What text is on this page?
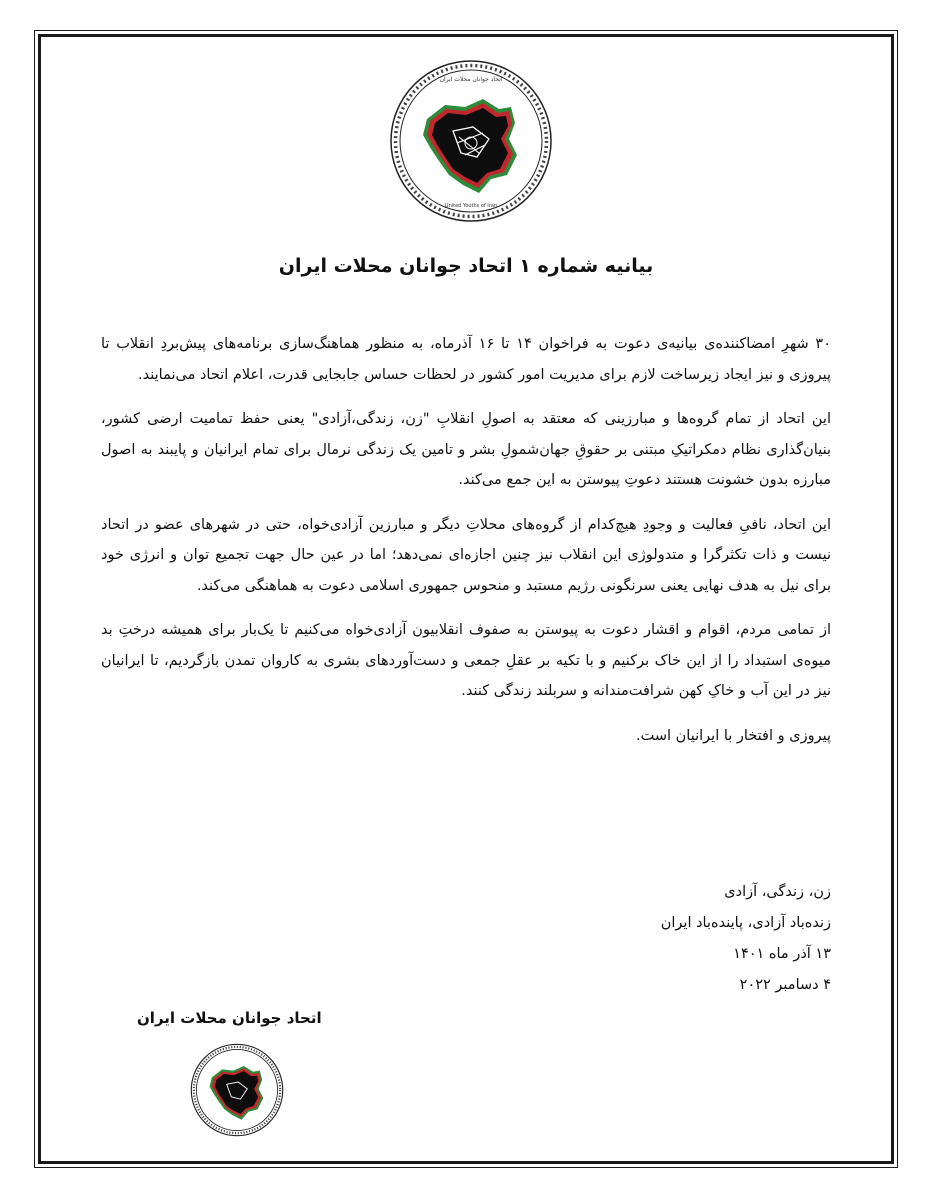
اتحاد جوانان محلات ایران
United Youths of Iran
بیانیه شماره ۱ اتحاد جوانان محلات ایران

۳۰ شهرِ امضاکننده‌ی بیانیه‌ی دعوت به فراخوان ۱۴ تا ۱۶ آذرماه، به منظور هماهنگ‌سازی برنامه‌های پیش‌بردِ انقلاب تا پیروزی و نیز ایجاد زیرساخت لازم برای مدیریت امور کشور در لحظات حساس جابجایی قدرت، اعلام اتحاد می‌نمایند.

این اتحاد از تمام گروه‌ها و مبارزینی که معتقد به اصولِ انقلابِ "زن، زندگی،آزادی" یعنی حفظ تمامیت ارضی کشور، بنیان‌گذاری نظام دمکراتیکِ مبتنی بر حقوقِ جهان‌شمولِ بشر و تامین یک زندگی نرمال برای تمام ایرانیان و پایبند به اصول مبارزه بدون خشونت هستند دعوتِ پیوستن به این جمع می‌کند.

این اتحاد، نافیِ فعالیت و وجودِ هیچ‌کدام از گروه‌های محلاتِ دیگر و مبارزین آزادی‌خواه، حتی در شهرهای عضو در اتحاد نیست و ذات تکثرگرا و متدولوژی این انقلاب نیز چنین اجازه‌ای نمی‌دهد؛ اما در عین حال جهت تجمیع توان و انرژی خود برای نیل به هدف نهایی یعنی سرنگونی رژیم مستبد و منحوس جمهوری اسلامی دعوت به هماهنگی می‌کند.

از تمامی مردم، اقوام و اقشار دعوت به پیوستن به صفوف انقلابیون آزادی‌خواه می‌کنیم تا یک‌بار برای همیشه درختِ بد میوه‌ی استبداد را از این خاک برکنیم و با تکیه بر عقلِ جمعی و دست‌آوردهای بشری به کاروان تمدن بازگردیم، تا ایرانیان نیز در این آب و خاکِ کهن شرافت‌مندانه و سربلند زندگی کنند.

پیروزی و افتخار با ایرانیان است.

زن، زندگی، آزادی
زنده‌باد آزادی، پاینده‌باد ایران
۱۳ آذر ماه ۱۴۰۱
۴ دسامبر ۲۰۲۲
اتحاد جوانان محلات ایران
